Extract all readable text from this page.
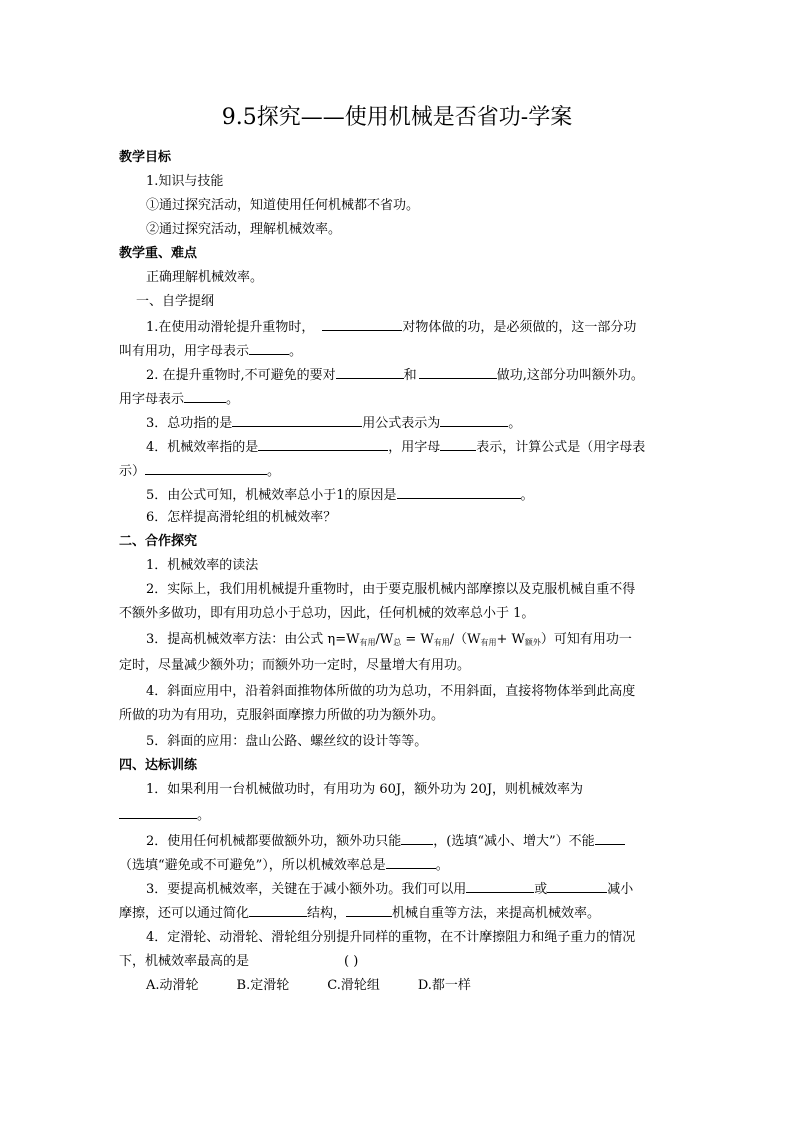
9.5探究——使用机械是否省功-学案
教学目标
1.知识与技能
①通过探究活动，知道使用任何机械都不省功。
②通过探究活动，理解机械效率。
教学重、难点
正确理解机械效率。
一、自学提纲
1.在使用动滑轮提升重物时，	对物体做的功，是必须做的，这一部分功
叫有用功，用字母表示	。
2. 在提升重物时,不可避免的要对	和	做功,这部分功叫额外功。
用字母表示	。
3．总功指的是	用公式表示为	。
4．机械效率指的是	，用字母	表示，计算公式是（用字母表
示）	。
5．由公式可知，机械效率总小于1的原因是	。
6．怎样提高滑轮组的机械效率？
二、合作探究
1．机械效率的读法
2．实际上，我们用机械提升重物时，由于要克服机械内部摩擦以及克服机械自重不得
不额外多做功，即有用功总小于总功，因此，任何机械的效率总小于 1。
3．提高机械效率方法：由公式 $\eta=W_{有用}/W_总 = W_{有用}/(W_{有用}+ W_{额外})$可知有用功一
定时，尽量减少额外功；而额外功一定时，尽量增大有用功。
4．斜面应用中，沿着斜面推物体所做的功为总功，不用斜面，直接将物体举到此高度
所做的功为有用功，克服斜面摩擦力所做的功为额外功。
5．斜面的应用：盘山公路、螺丝纹的设计等等。
四、达标训练
1．如果利用一台机械做功时，有用功为 60J，额外功为 20J，则机械效率为
。
2．使用任何机械都要做额外功，额外功只能 ，(选填“减小、增大”）不能
（选填“避免或不可避免”），所以机械效率总是	。
3．要提高机械效率，关键在于减小额外功。我们可以用	或	减小
摩擦，还可以通过简化	结构，	机械自重等方法，来提高机械效率。
4．定滑轮、动滑轮、滑轮组分别提升同样的重物，在不计摩擦阻力和绳子重力的情况
下，机械效率最高的是	( )
A.动滑轮	B.定滑轮	C.滑轮组	D.都一样
